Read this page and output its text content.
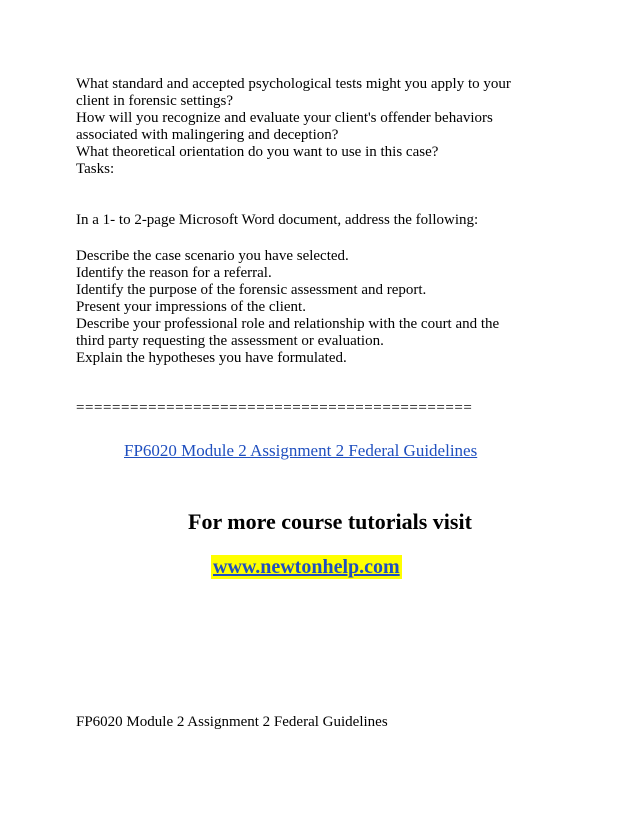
What standard and accepted psychological tests might you apply to your
client in forensic settings?
How will you recognize and evaluate your client's offender behaviors
associated with malingering and deception?
What theoretical orientation do you want to use in this case?
Tasks:
In a 1- to 2-page Microsoft Word document, address the following:
Describe the case scenario you have selected.
Identify the reason for a referral.
Identify the purpose of the forensic assessment and report.
Present your impressions of the client.
Describe your professional role and relationship with the court and the
third party requesting the assessment or evaluation.
Explain the hypotheses you have formulated.
============================================
FP6020 Module 2 Assignment 2 Federal Guidelines
For more course tutorials visit
www.newtonhelp.com
FP6020 Module 2 Assignment 2 Federal Guidelines
